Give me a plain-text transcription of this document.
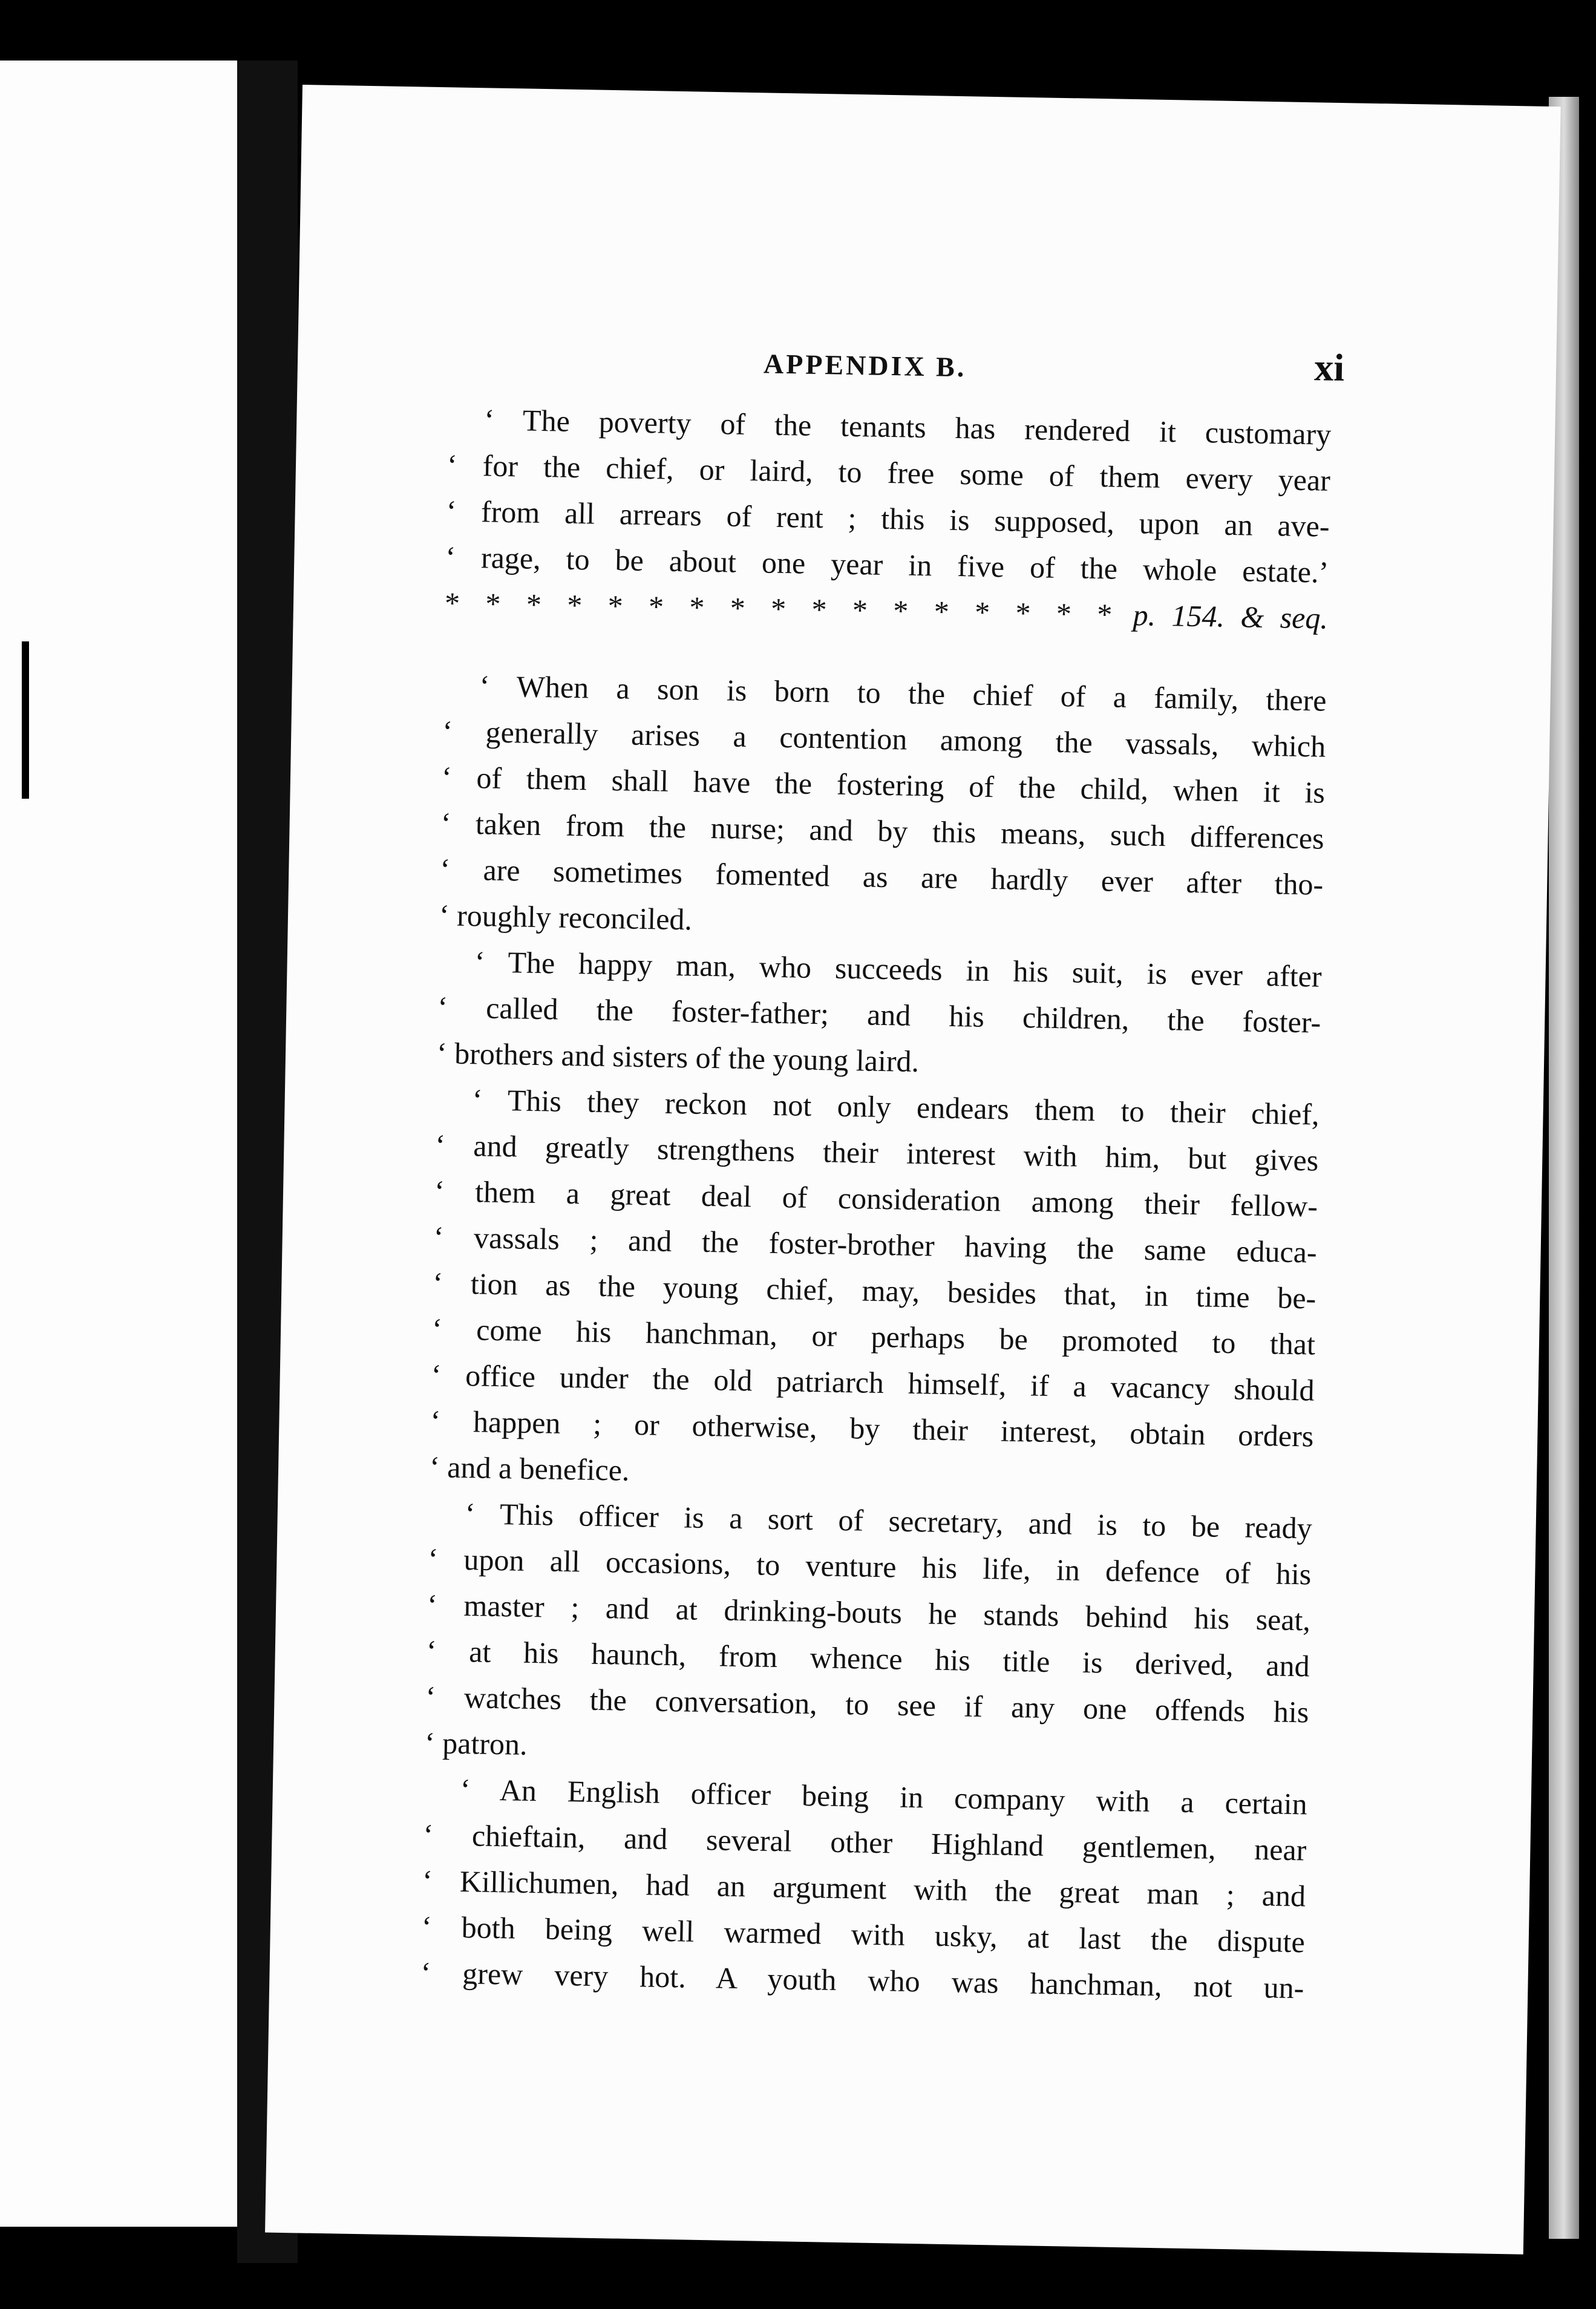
APPENDIX B.	xi
‘ The poverty of the tenants has rendered it customary
‘ for the chief, or laird, to free some of them every year
‘ from all arrears of rent ; this is supposed, upon an ave-
‘ rage, to be about one year in five of the whole estate.’
* * * * * * * * * * * * * * * * * p. 154. & seq.
‘ When a son is born to the chief of a family, there
‘ generally arises a contention among the vassals, which
‘ of them shall have the fostering of the child, when it is
‘ taken from the nurse; and by this means, such differences
‘ are sometimes fomented as are hardly ever after tho-
‘ roughly reconciled.
‘ The happy man, who succeeds in his suit, is ever after
‘ called the foster-father; and his children, the foster-
‘ brothers and sisters of the young laird.
‘ This they reckon not only endears them to their chief,
‘ and greatly strengthens their interest with him, but gives
‘ them a great deal of consideration among their fellow-
‘ vassals ; and the foster-brother having the same educa-
‘ tion as the young chief, may, besides that, in time be-
‘ come his hanchman, or perhaps be promoted to that
‘ office under the old patriarch himself, if a vacancy should
‘ happen ; or otherwise, by their interest, obtain orders
‘ and a benefice.
‘ This officer is a sort of secretary, and is to be ready
‘ upon all occasions, to venture his life, in defence of his
‘ master ; and at drinking-bouts he stands behind his seat,
‘ at his haunch, from whence his title is derived, and
‘ watches the conversation, to see if any one offends his
‘ patron.
‘ An English officer being in company with a certain
‘ chieftain, and several other Highland gentlemen, near
‘ Killichumen, had an argument with the great man ; and
‘ both being well warmed with usky, at last the dispute
‘ grew very hot. A youth who was hanchman, not un-
